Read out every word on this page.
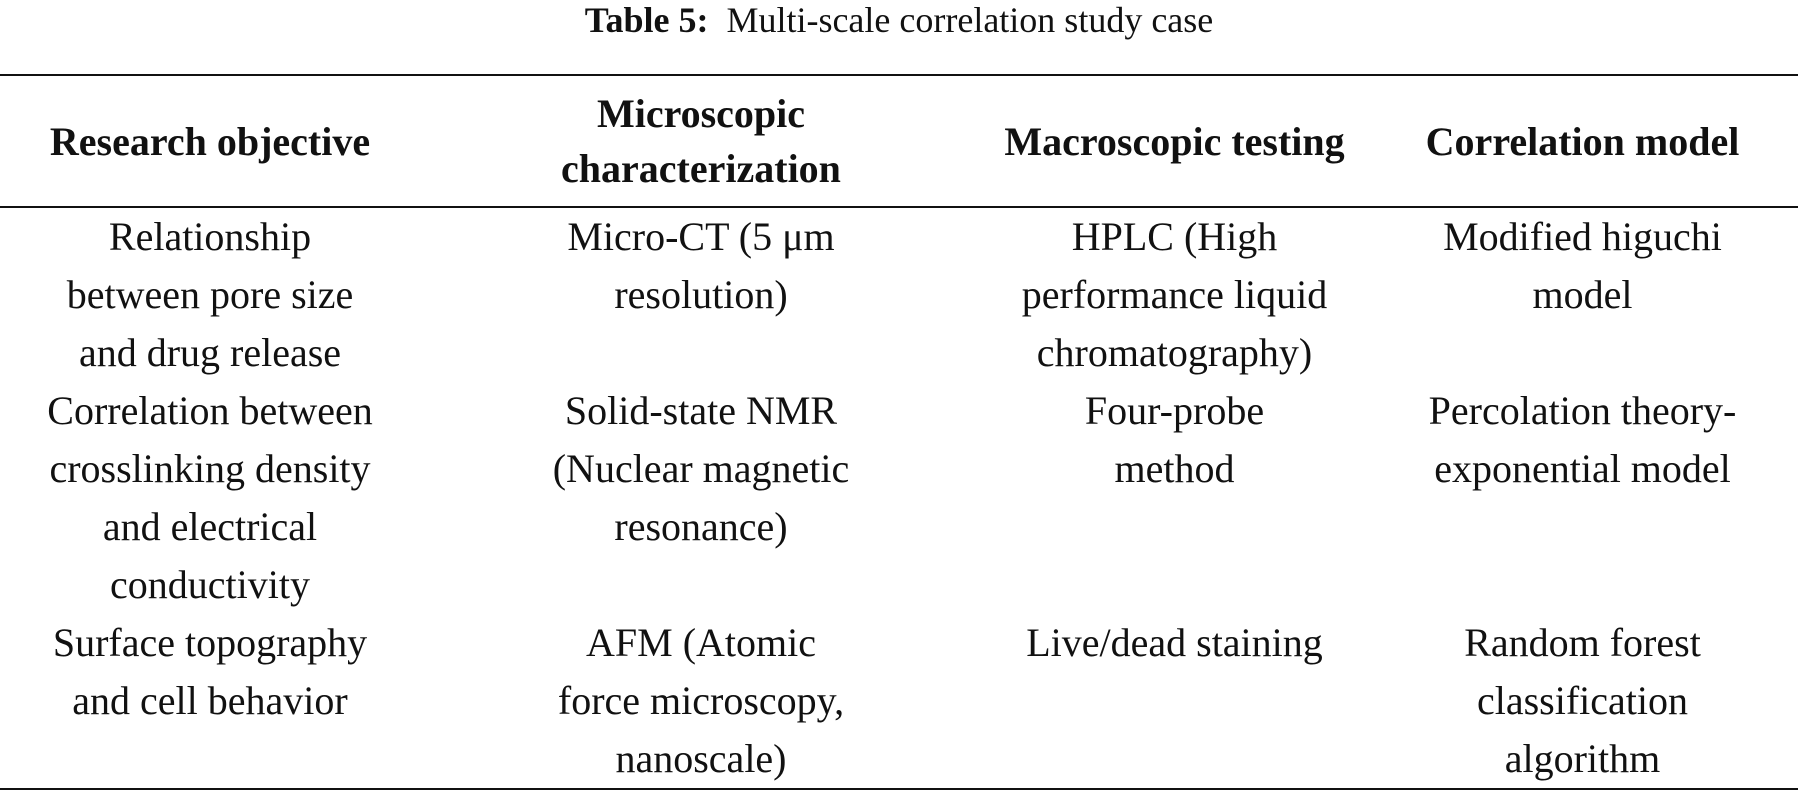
Table 5: Multi-scale correlation study case
Research objective	Microscopic characterization	Macroscopic testing	Correlation model
Relationship between pore size and drug release	Micro-CT (5 μm resolution)	HPLC (High performance liquid chromatography)	Modified higuchi model
Correlation between crosslinking density and electrical conductivity	Solid-state NMR (Nuclear magnetic resonance)	Four-probe method	Percolation theory-exponential model
Surface topography and cell behavior	AFM (Atomic force microscopy, nanoscale)	Live/dead staining	Random forest classification algorithm
